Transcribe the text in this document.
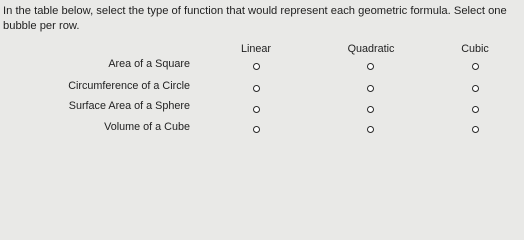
In the table below, select the type of function that would represent each geometric formula. Select one bubble per row.

Linear	Quadratic	Cubic
Area of a Square
Circumference of a Circle
Surface Area of a Sphere
Volume of a Cube
